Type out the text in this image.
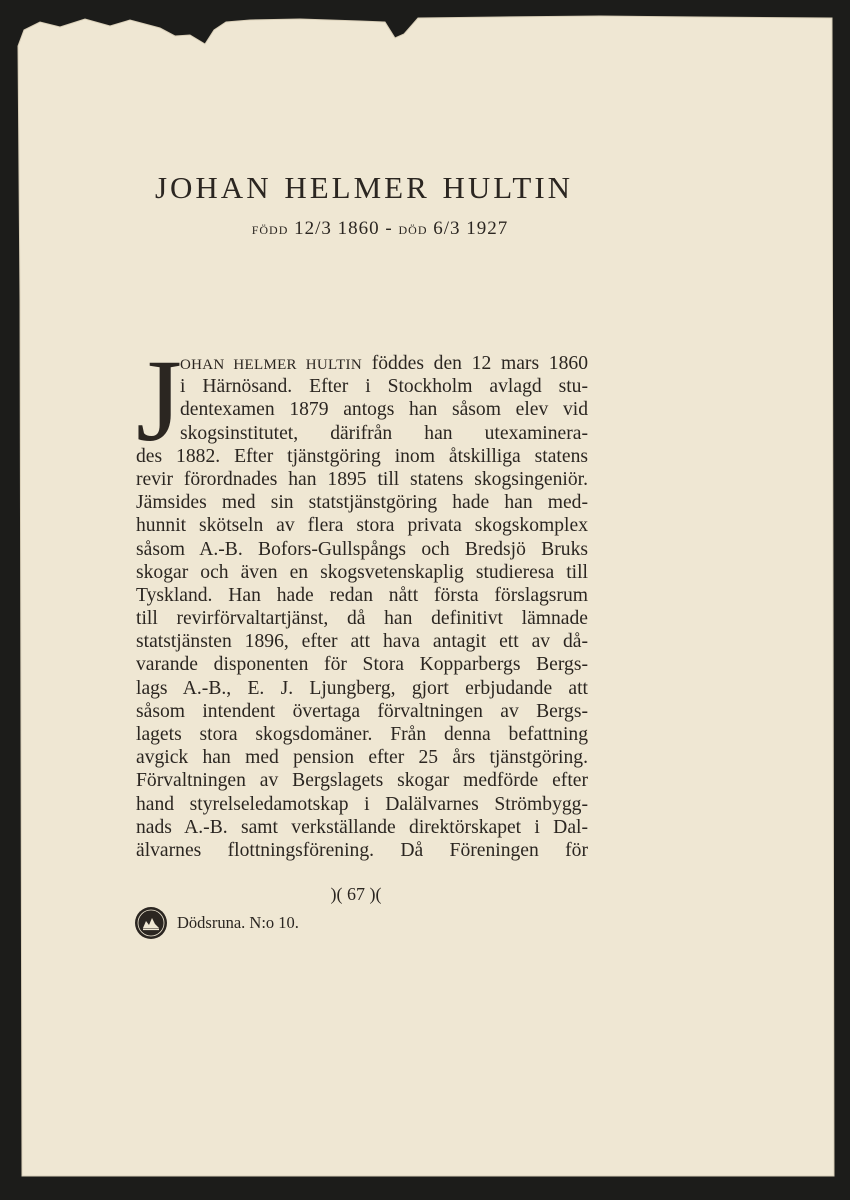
JOHAN HELMER HULTIN
FÖDD 12/3 1860 - DÖD 6/3 1927
J
OHAN HELMER HULTIN föddes den 12 mars 1860
i Härnösand. Efter i Stockholm avlagd stu-
dentexamen 1879 antogs han såsom elev vid
skogsinstitutet, därifrån han utexaminera-
des 1882. Efter tjänstgöring inom åtskilliga statens
revir förordnades han 1895 till statens skogsingeniör.
Jämsides med sin statstjänstgöring hade han med-
hunnit skötseln av flera stora privata skogskomplex
såsom A.-B. Bofors-Gullspångs och Bredsjö Bruks
skogar och även en skogsvetenskaplig studieresa till
Tyskland. Han hade redan nått första förslagsrum
till revirförvaltartjänst, då han definitivt lämnade
statstjänsten 1896, efter att hava antagit ett av då-
varande disponenten för Stora Kopparbergs Bergs-
lags A.-B., E. J. Ljungberg, gjort erbjudande att
såsom intendent övertaga förvaltningen av Bergs-
lagets stora skogsdomäner. Från denna befattning
avgick han med pension efter 25 års tjänstgöring.
Förvaltningen av Bergslagets skogar medförde efter
hand styrelseledamotskap i Dalälvarnes Strömbygg-
nads A.-B. samt verkställande direktörskapet i Dal-
älvarnes flottningsförening. Då Föreningen för
)( 67 )(
Dödsruna. N:o 10.
